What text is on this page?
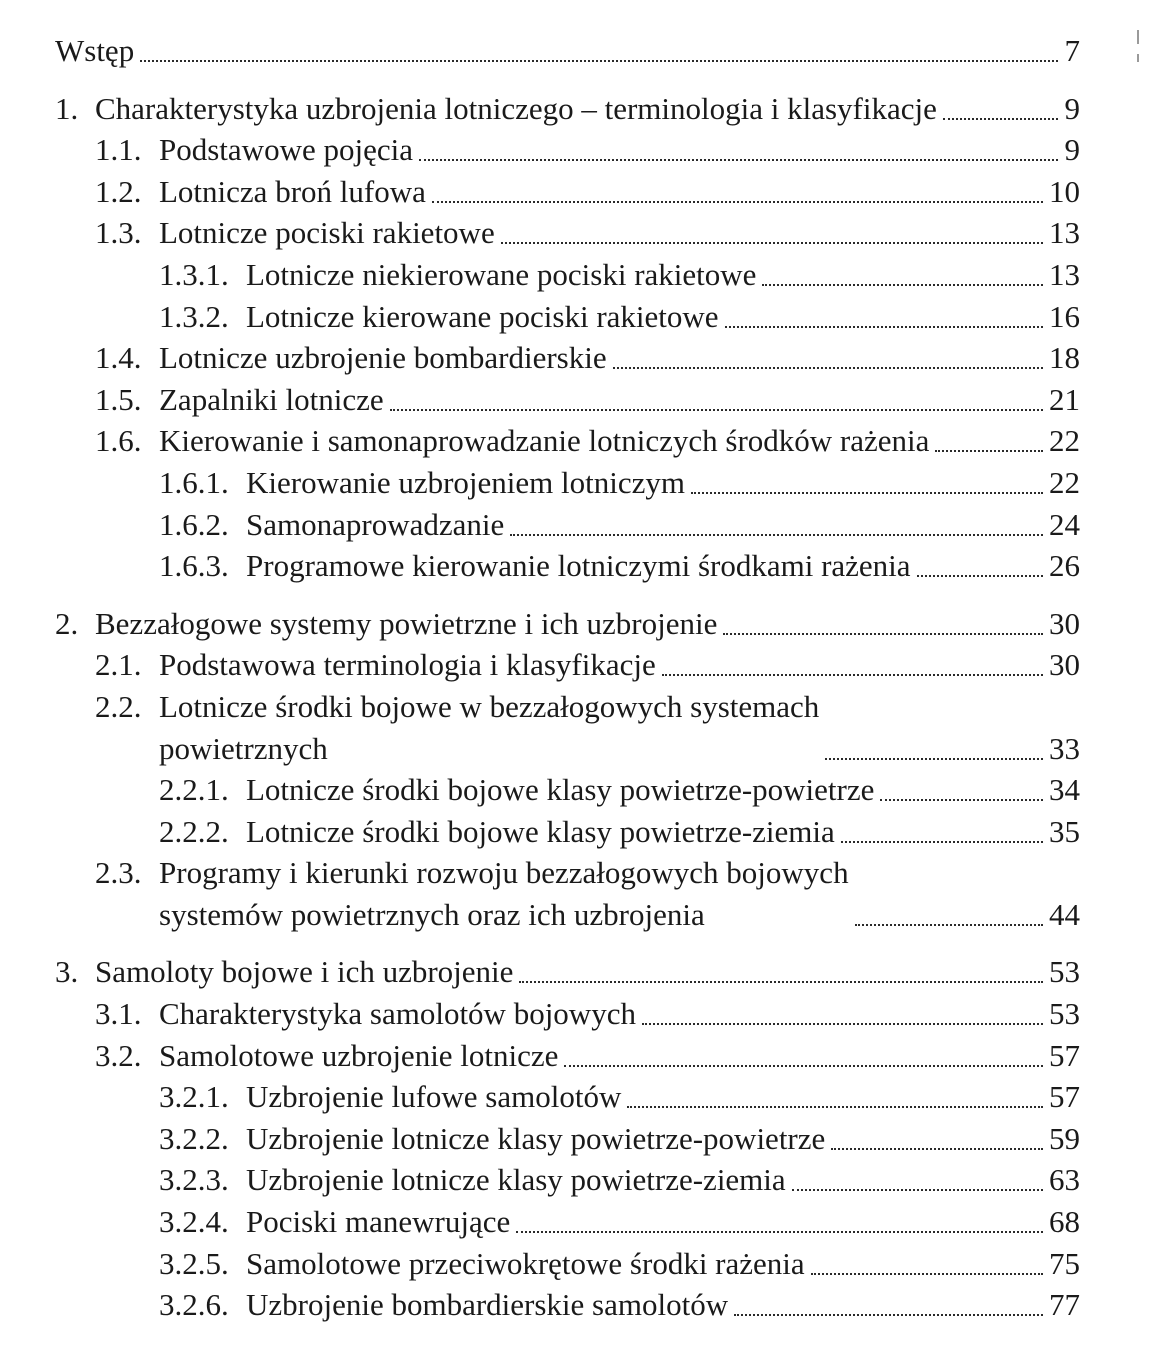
Wstęp	7
1. Charakterystyka uzbrojenia lotniczego – terminologia i klasyfikacje	9
1.1. Podstawowe pojęcia	9
1.2. Lotnicza broń lufowa	10
1.3. Lotnicze pociski rakietowe	13
1.3.1. Lotnicze niekierowane pociski rakietowe	13
1.3.2. Lotnicze kierowane pociski rakietowe	16
1.4. Lotnicze uzbrojenie bombardierskie	18
1.5. Zapalniki lotnicze	21
1.6. Kierowanie i samonaprowadzanie lotniczych środków rażenia	22
1.6.1. Kierowanie uzbrojeniem lotniczym	22
1.6.2. Samonaprowadzanie	24
1.6.3. Programowe kierowanie lotniczymi środkami rażenia	26
2. Bezzałogowe systemy powietrzne i ich uzbrojenie	30
2.1. Podstawowa terminologia i klasyfikacje	30
2.2. Lotnicze środki bojowe w bezzałogowych systemach
powietrznych	33
2.2.1. Lotnicze środki bojowe klasy powietrze-powietrze	34
2.2.2. Lotnicze środki bojowe klasy powietrze-ziemia	35
2.3. Programy i kierunki rozwoju bezzałogowych bojowych
systemów powietrznych oraz ich uzbrojenia	44
3. Samoloty bojowe i ich uzbrojenie	53
3.1. Charakterystyka samolotów bojowych	53
3.2. Samolotowe uzbrojenie lotnicze	57
3.2.1. Uzbrojenie lufowe samolotów	57
3.2.2. Uzbrojenie lotnicze klasy powietrze-powietrze	59
3.2.3. Uzbrojenie lotnicze klasy powietrze-ziemia	63
3.2.4. Pociski manewrujące	68
3.2.5. Samolotowe przeciwokrętowe środki rażenia	75
3.2.6. Uzbrojenie bombardierskie samolotów	77
